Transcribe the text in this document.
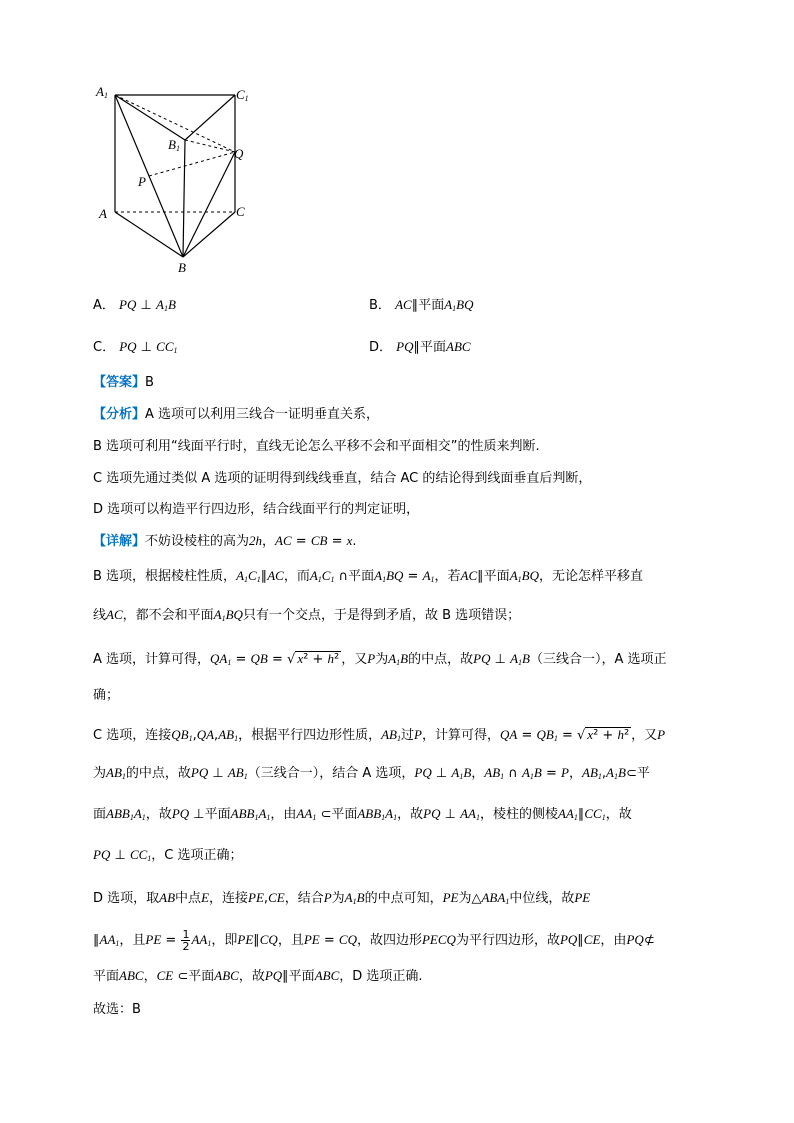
$A_1$	$C_1$
$B_1$	Q
P
A	C
B
A． PQ ⊥ $A_1B$	B． AC∥平面$A_1BQ$
C． PQ ⊥ $CC_1$	D． PQ∥平面ABC
【答案】B
【分析】A 选项可以利用三线合一证明垂直关系，
B 选项可利用“线面平行时，直线无论怎么平移不会和平面相交”的性质来判断.
C 选项先通过类似 A 选项的证明得到线线垂直，结合 AC 的结论得到线面垂直后判断，
D 选项可以构造平行四边形，结合线面平行的判定证明，
【详解】不妨设棱柱的高为2h，AC = CB = x.
B 选项，根据棱柱性质，$A_1C_1\parallel AC$，而$A_1C_1$ ∩平面$A_1BQ = A_1$，若AC∥平面$A_1BQ$，无论怎样平移直
线AC，都不会和平面$A_1BQ$只有一个交点，于是得到矛盾，故 B 选项错误；
A 选项，计算可得，$QA_1$ = QB = √ x² + h² ，又P为$A_1B$的中点，故PQ ⊥ $A_1B$（三线合一），A 选项正
确；
C 选项，连接$QB_1,QA,AB_1$，根据平行四边形性质，$AB_1$过P，计算可得，QA = $QB_1$ = √ x² + h² ，又P
为$AB_1$的中点，故PQ ⊥ $AB_1$（三线合一），结合 A 选项，PQ ⊥ $A_1B$，$AB_1$ ∩ $A_1B = P$，$AB_1,A_1B\subset$平
面$ABB_1A_1$，故PQ ⊥平面$ABB_1A_1$，由$AA_1$ ⊂平面$ABB_1A_1$，故PQ ⊥ $AA_1$，棱柱的侧棱$AA_1\parallel CC_1$，故
PQ ⊥ $CC_1$，C 选项正确；
D 选项，取AB中点E，连接PE,CE，结合P为$A_1B$的中点可知，PE为$\triangle ABA_1$中位线，故PE
$\parallel AA_1$，且PE = $\frac{1}{2} AA_1$，即PE∥CQ，且PE = CQ，故四边形PECQ为平行四边形，故PQ∥CE，由PQ⊄
平面ABC，CE ⊂平面ABC，故PQ∥平面ABC，D 选项正确.
故选：B
